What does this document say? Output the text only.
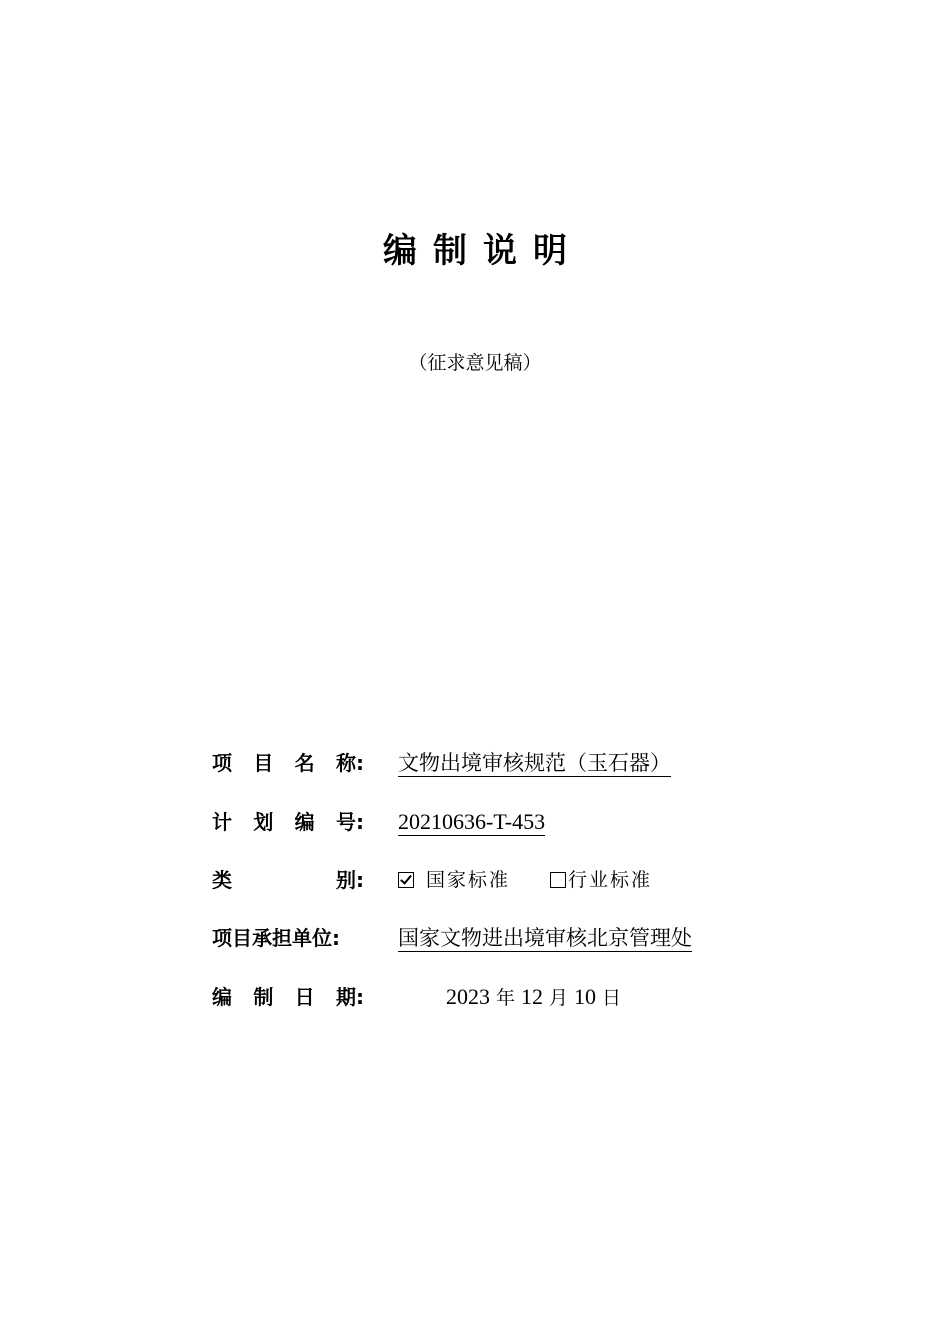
编制说明
（征求意见稿）
项 目 名 称: 文物出境审核规范（玉石器）
计 划 编 号: 20210636-T-453
类	别:	国家标准	行业标准
项目承担单位:	国家文物进出境审核北京管理处
编 制 日 期:	2023 年 12 月 10 日
